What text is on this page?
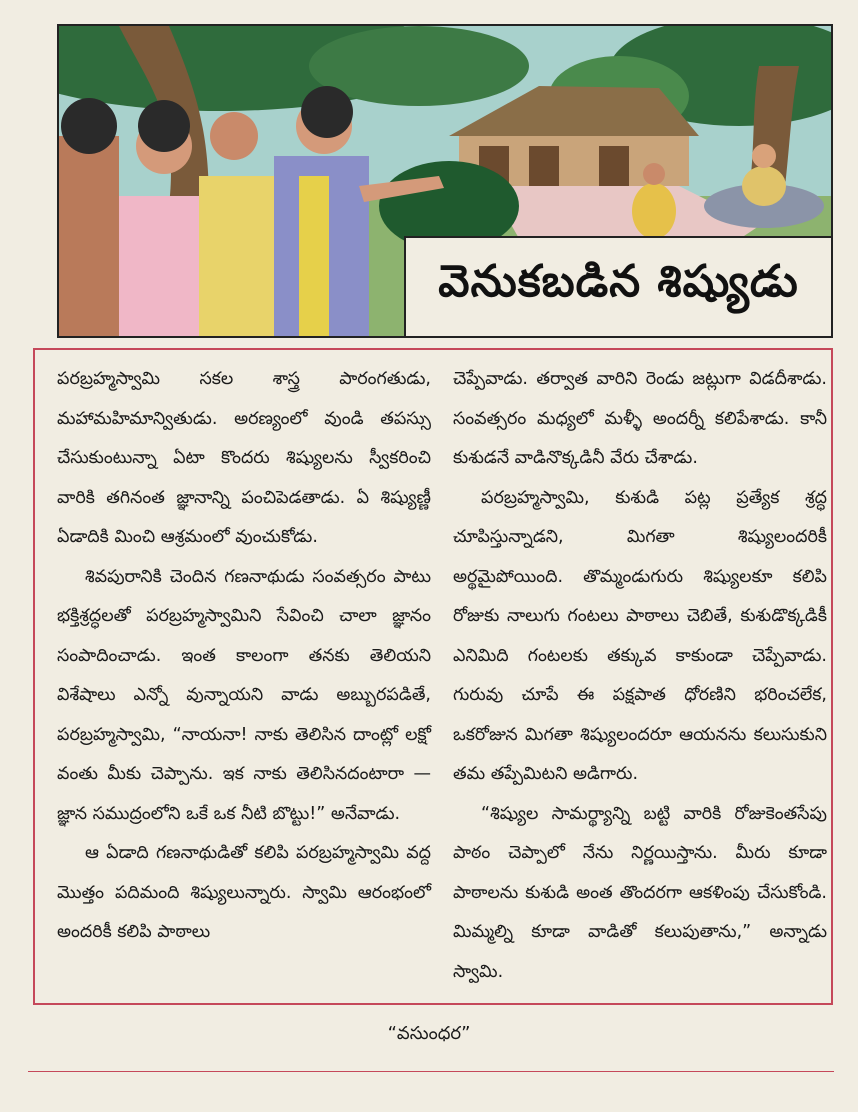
వెనుకబడిన శిష్యుడు

పరబ్రహ్మస్వామి సకల శాస్త్ర పారంగతుడు, మహామహిమాన్వితుడు. అరణ్యంలో వుండి తపస్సు చేసుకుంటున్నా ఏటా కొందరు శిష్యులను స్వీకరించి వారికి తగినంత జ్ఞానాన్ని పంచిపెడతాడు. ఏ శిష్యుణ్ణీ ఏడాదికి మించి ఆశ్రమంలో వుంచుకోడు.

శివపురానికి చెందిన గణనాథుడు సంవత్సరం పాటు భక్తిశ్రద్ధలతో పరబ్రహ్మస్వామిని సేవించి చాలా జ్ఞానం సంపాదించాడు. ఇంత కాలంగా తనకు తెలియని విశేషాలు ఎన్నో వున్నాయని వాడు అబ్బురపడితే, పరబ్రహ్మస్వామి, “నాయనా! నాకు తెలిసిన దాంట్లో లక్షో వంతు మీకు చెప్పాను. ఇక నాకు తెలిసినదంటారా — జ్ఞాన సముద్రంలోని ఒకే ఒక నీటి బొట్టు!” అనేవాడు.

ఆ ఏడాది గణనాథుడితో కలిపి పరబ్రహ్మస్వామి వద్ద మొత్తం పదిమంది శిష్యులున్నారు. స్వామి ఆరంభంలో అందరికీ కలిపి పాఠాలు

చెప్పేవాడు. తర్వాత వారిని రెండు జట్లుగా విడదీశాడు. సంవత్సరం మధ్యలో మళ్ళీ అందర్నీ కలిపేశాడు. కానీ కుశుడనే వాడినొక్కడినీ వేరు చేశాడు.

పరబ్రహ్మస్వామి, కుశుడి పట్ల ప్రత్యేక శ్రద్ధ చూపిస్తున్నాడని, మిగతా శిష్యులందరికీ అర్థమైపోయింది. తొమ్మండుగురు శిష్యులకూ కలిపి రోజుకు నాలుగు గంటలు పాఠాలు చెబితే, కుశుడొక్కడికీ ఎనిమిది గంటలకు తక్కువ కాకుండా చెప్పేవాడు. గురువు చూపే ఈ పక్షపాత ధోరణిని భరించలేక, ఒకరోజున మిగతా శిష్యులందరూ ఆయనను కలుసుకుని తమ తప్పేమిటని అడిగారు.

“శిష్యుల సామర్థ్యాన్ని బట్టి వారికి రోజుకెంతసేపు పాఠం చెప్పాలో నేను నిర్ణయిస్తాను. మీరు కూడా పాఠాలను కుశుడి అంత తొందరగా ఆకళింపు చేసుకోండి. మిమ్మల్ని కూడా వాడితో కలుపుతాను,” అన్నాడు స్వామి.

“వసుంధర”
